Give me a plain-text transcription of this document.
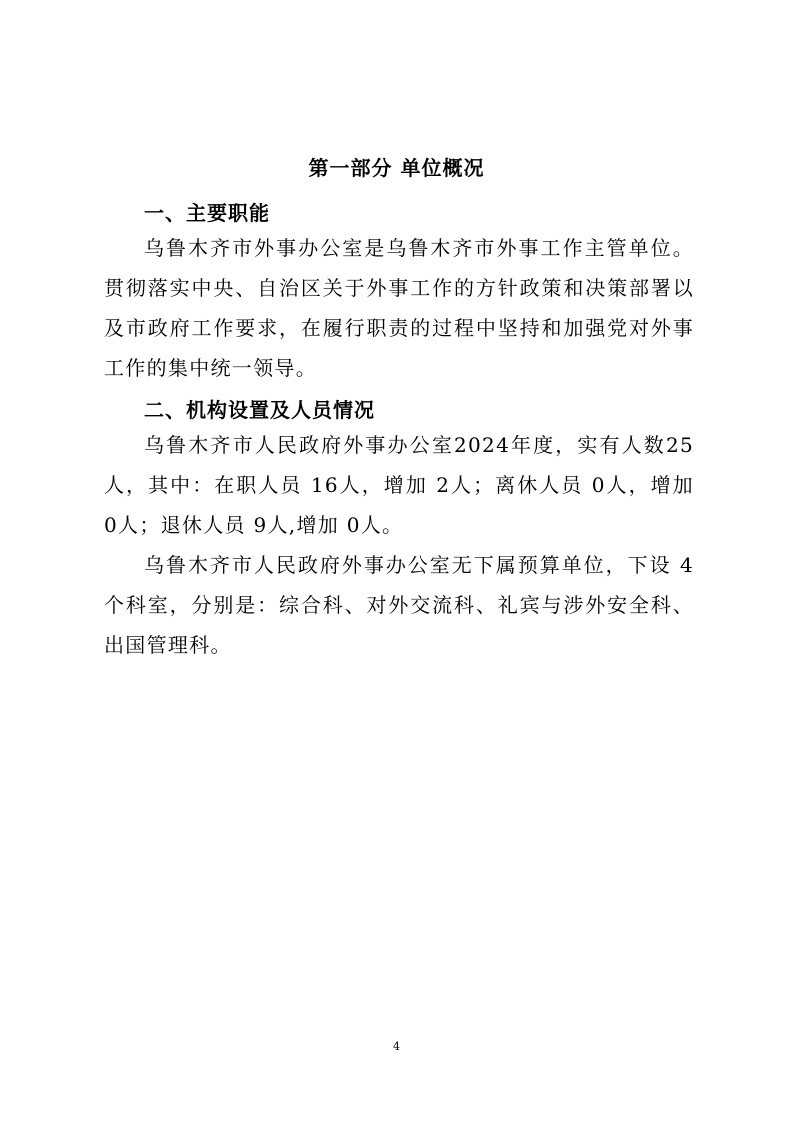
第一部分 单位概况
一、主要职能
乌鲁木齐市外事办公室是乌鲁木齐市外事工作主管单位。贯彻落实中央、自治区关于外事工作的方针政策和决策部署以及市政府工作要求，在履行职责的过程中坚持和加强党对外事工作的集中统一领导。
二、机构设置及人员情况
乌鲁木齐市人民政府外事办公室2024年度，实有人数25人，其中：在职人员 16人，增加 2人；离休人员 0人，增加 0人；退休人员 9人,增加 0人。
乌鲁木齐市人民政府外事办公室无下属预算单位，下设 4个科室，分别是：综合科、对外交流科、礼宾与涉外安全科、出国管理科。
4
